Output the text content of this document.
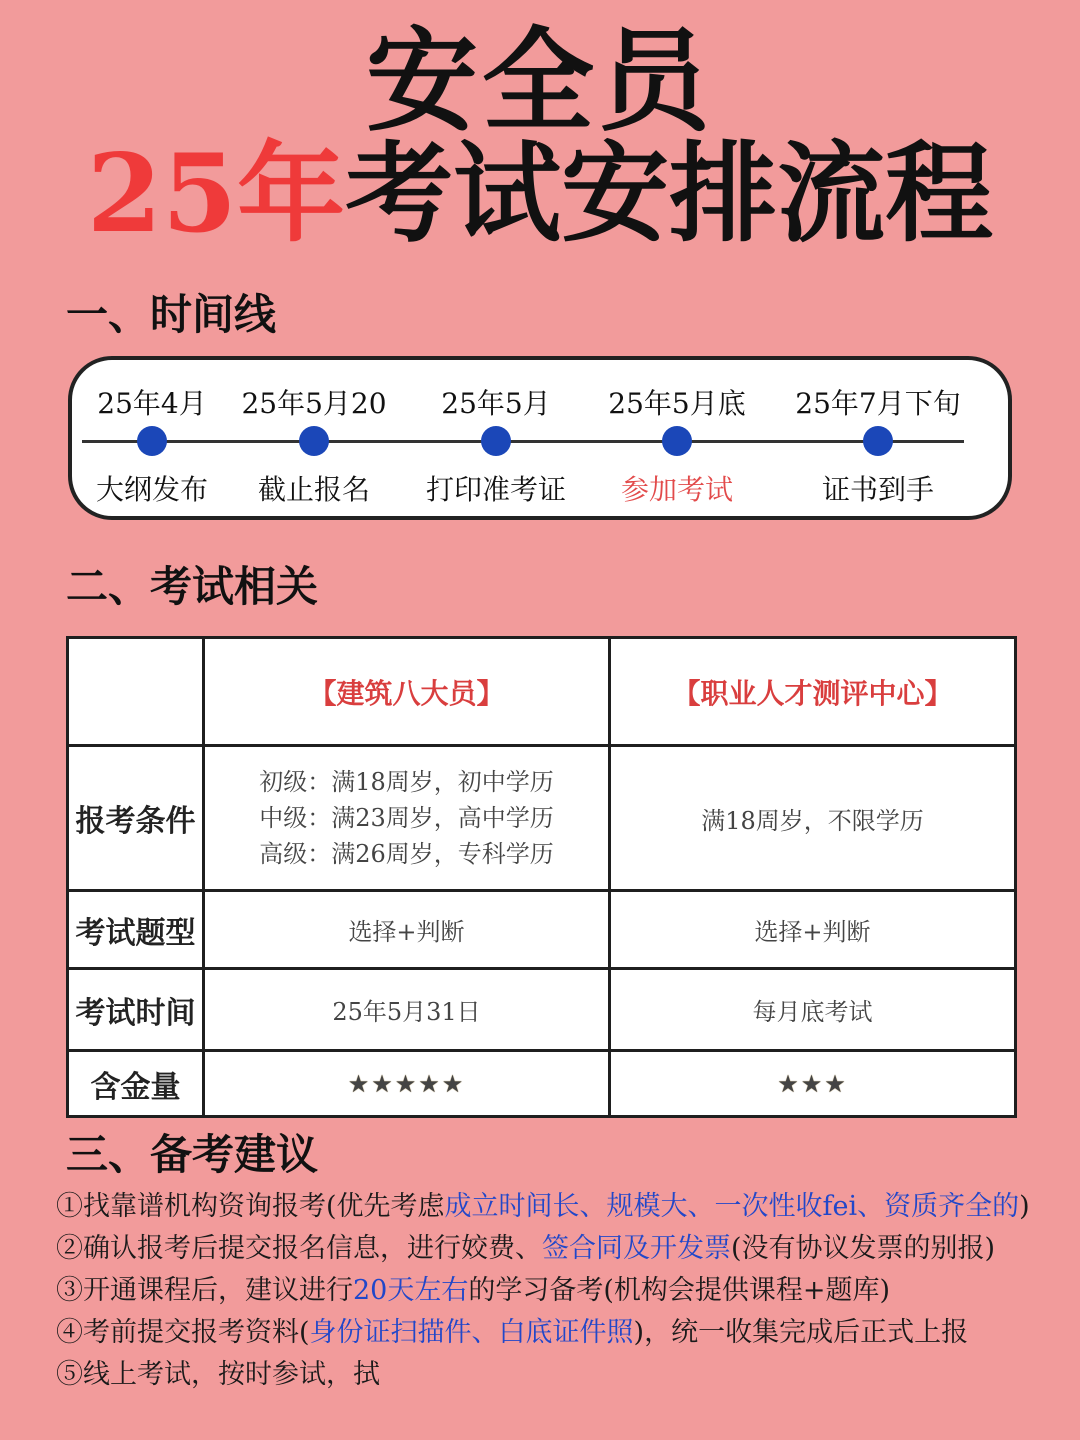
安全员
25年考试安排流程
一、时间线
25年4月
大纲发布
25年5月20
截止报名
25年5月
打印准考证
25年5月底
参加考试
25年7月下旬
证书到手
二、考试相关
	【建筑八大员】	【职业人才测评中心】
报考条件	初级：满18周岁，初中学历
中级：满23周岁，高中学历
高级：满26周岁，专科学历	满18周岁，不限学历
考试题型	选择+判断	选择+判断
考试时间	25年5月31日	每月底考试
含金量	★★★★★	★★★
三、备考建议
①找靠谱机构资询报考(优先考虑成立时间长、规模大、一次性收fei、资质齐全的)
②确认报考后提交报名信息，进行姣费、签合同及开发票(没有协议发票的别报)
③开通课程后，建议进行20天左右的学习备考(机构会提供课程+题库)
④考前提交报考资料(身份证扫描件、白底证件照)，统一收集完成后正式上报
⑤线上考试，按时参试，拭
